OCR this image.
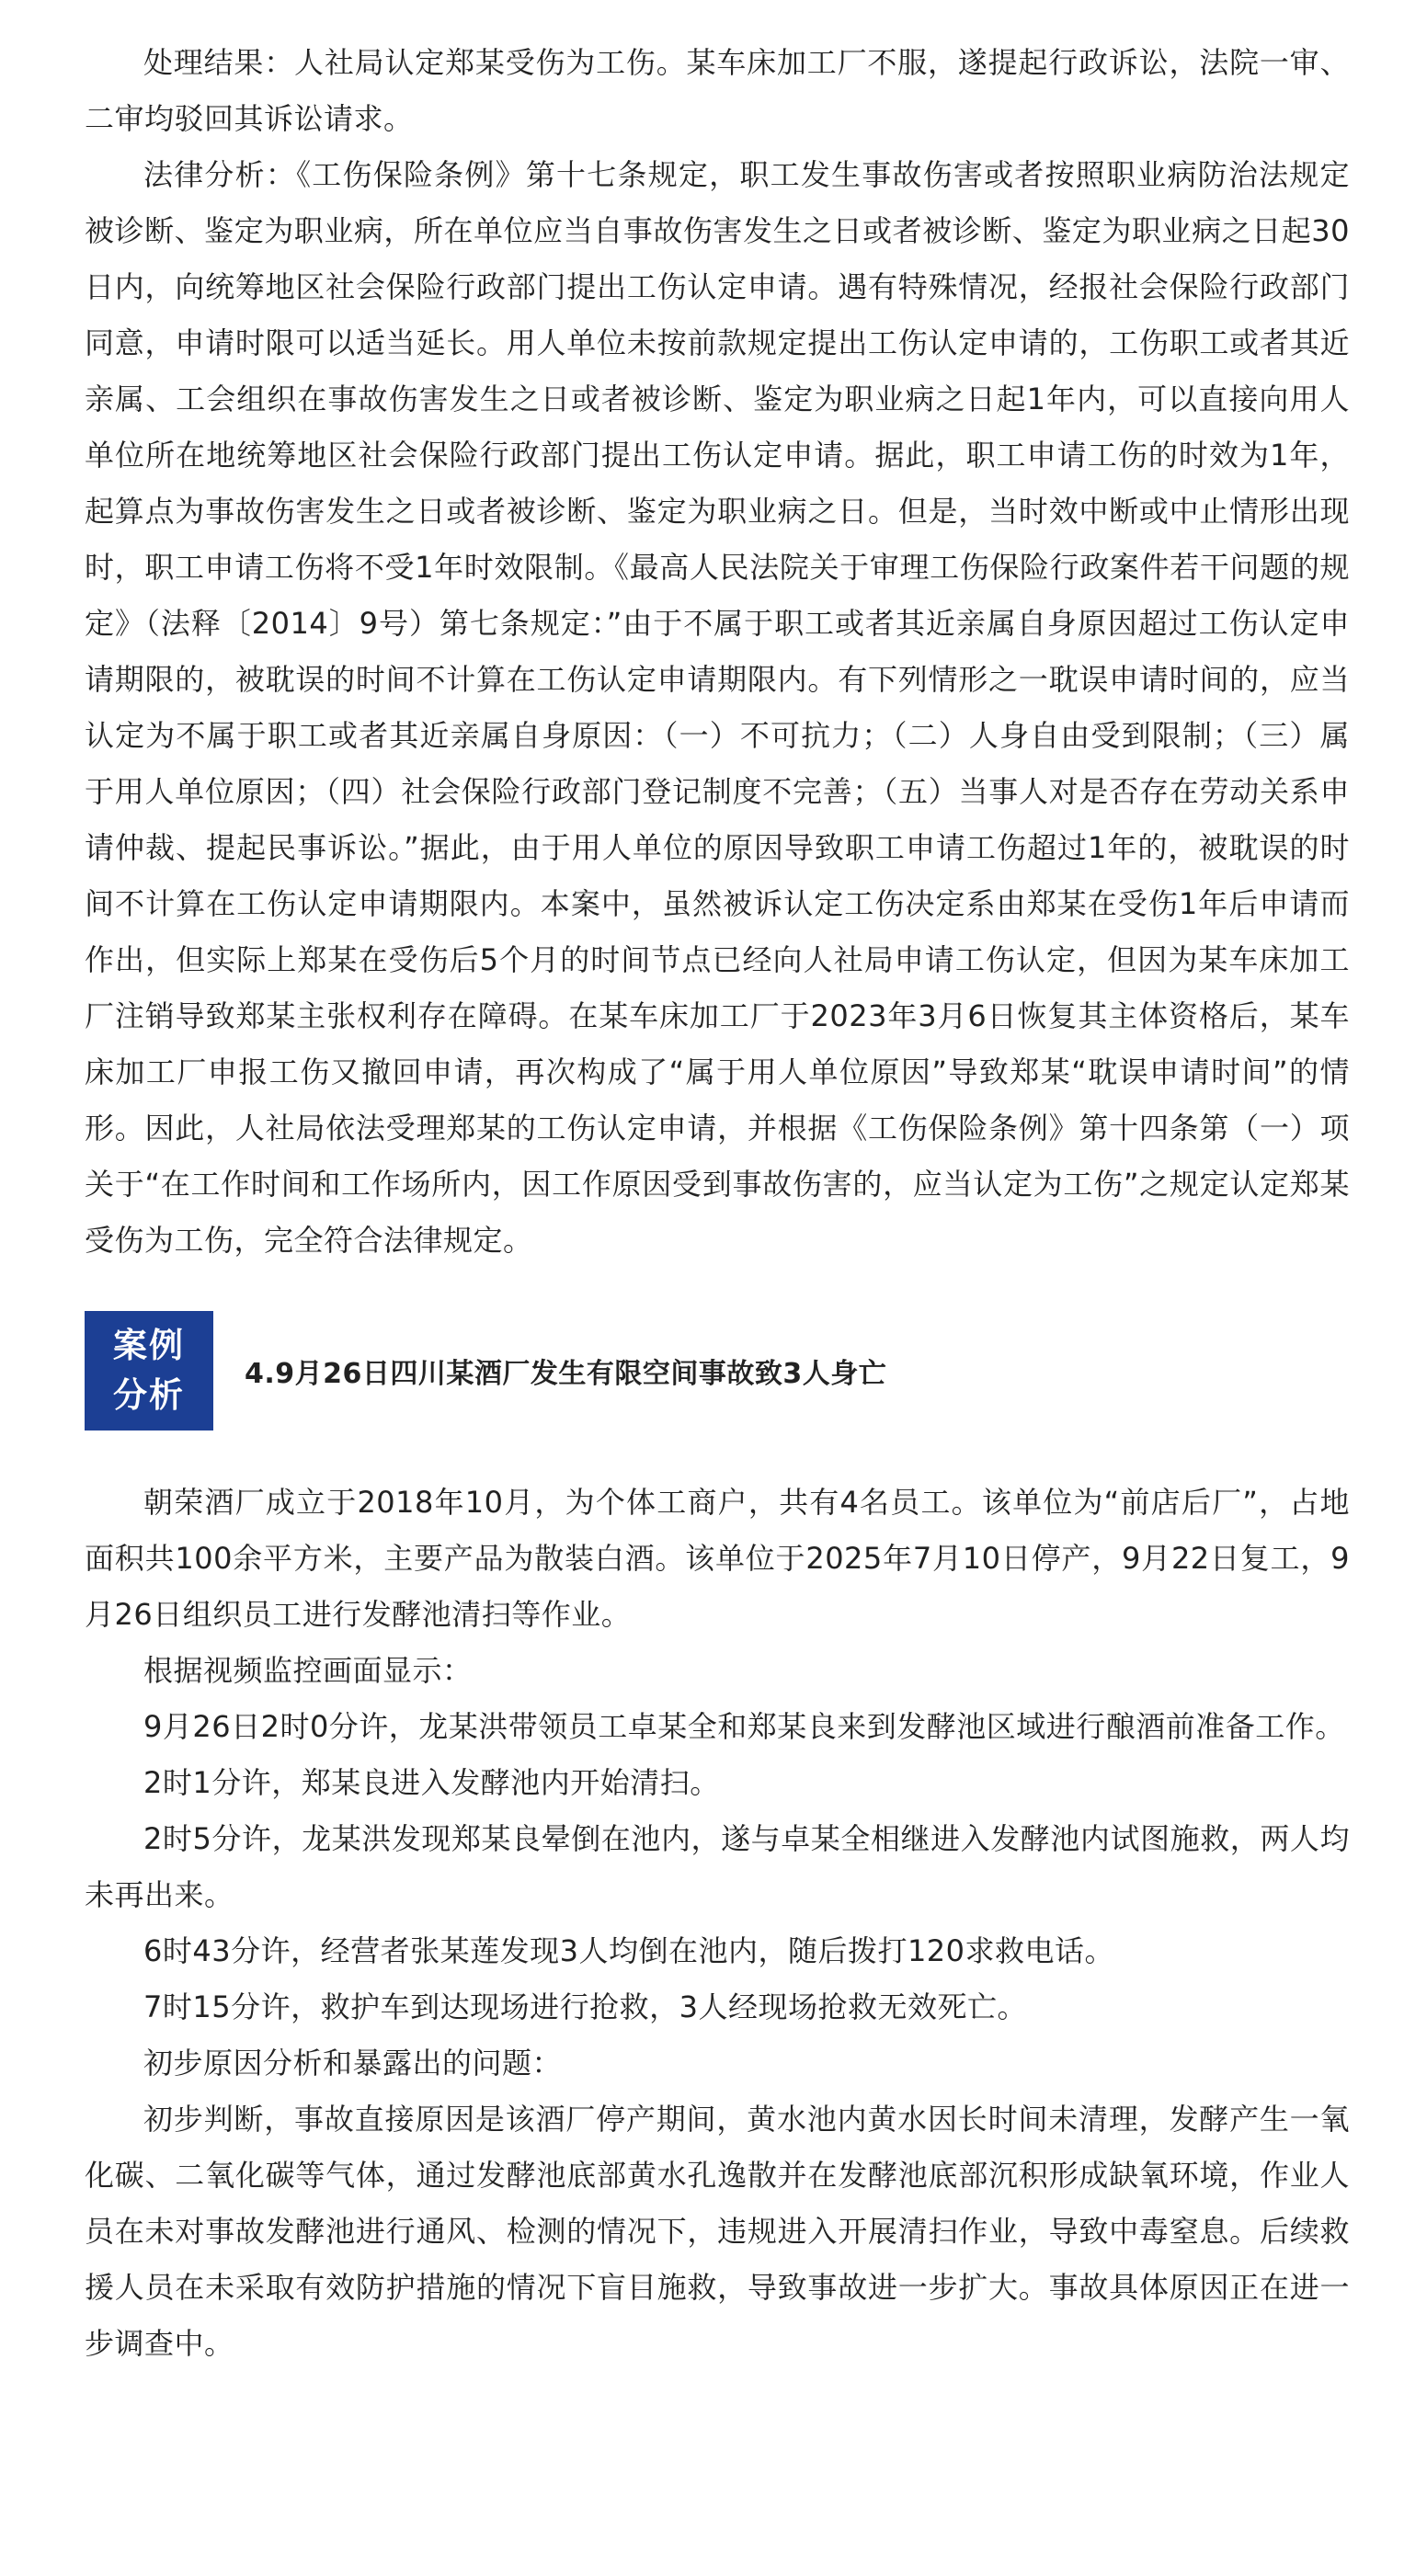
处理结果：人社局认定郑某受伤为工伤。某车床加工厂不服，遂提起行政诉讼，法院一审、二审均驳回其诉讼请求。

法律分析：《工伤保险条例》第十七条规定，职工发生事故伤害或者按照职业病防治法规定被诊断、鉴定为职业病，所在单位应当自事故伤害发生之日或者被诊断、鉴定为职业病之日起30日内，向统筹地区社会保险行政部门提出工伤认定申请。遇有特殊情况，经报社会保险行政部门同意，申请时限可以适当延长。用人单位未按前款规定提出工伤认定申请的，工伤职工或者其近亲属、工会组织在事故伤害发生之日或者被诊断、鉴定为职业病之日起1年内，可以直接向用人单位所在地统筹地区社会保险行政部门提出工伤认定申请。据此，职工申请工伤的时效为1年，起算点为事故伤害发生之日或者被诊断、鉴定为职业病之日。但是，当时效中断或中止情形出现时，职工申请工伤将不受1年时效限制。《最高人民法院关于审理工伤保险行政案件若干问题的规定》（法释〔2014〕9号）第七条规定：”由于不属于职工或者其近亲属自身原因超过工伤认定申请期限的，被耽误的时间不计算在工伤认定申请期限内。有下列情形之一耽误申请时间的，应当认定为不属于职工或者其近亲属自身原因：（一）不可抗力；（二）人身自由受到限制；（三）属于用人单位原因；（四）社会保险行政部门登记制度不完善；（五）当事人对是否存在劳动关系申请仲裁、提起民事诉讼。”据此，由于用人单位的原因导致职工申请工伤超过1年的，被耽误的时间不计算在工伤认定申请期限内。本案中，虽然被诉认定工伤决定系由郑某在受伤1年后申请而作出，但实际上郑某在受伤后5个月的时间节点已经向人社局申请工伤认定，但因为某车床加工厂注销导致郑某主张权利存在障碍。在某车床加工厂于2023年3月6日恢复其主体资格后，某车床加工厂申报工伤又撤回申请，再次构成了“属于用人单位原因”导致郑某“耽误申请时间”的情形。因此，人社局依法受理郑某的工伤认定申请，并根据《工伤保险条例》第十四条第（一）项关于“在工作时间和工作场所内，因工作原因受到事故伤害的，应当认定为工伤”之规定认定郑某受伤为工伤，完全符合法律规定。

案例
分析
4.9月26日四川某酒厂发生有限空间事故致3人身亡

朝荣酒厂成立于2018年10月，为个体工商户，共有4名员工。该单位为“前店后厂”，占地面积共100余平方米，主要产品为散装白酒。该单位于2025年7月10日停产，9月22日复工，9月26日组织员工进行发酵池清扫等作业。

根据视频监控画面显示：

9月26日2时0分许，龙某洪带领员工卓某全和郑某良来到发酵池区域进行酿酒前准备工作。

2时1分许，郑某良进入发酵池内开始清扫。

2时5分许，龙某洪发现郑某良晕倒在池内，遂与卓某全相继进入发酵池内试图施救，两人均未再出来。

6时43分许，经营者张某莲发现3人均倒在池内，随后拨打120求救电话。

7时15分许，救护车到达现场进行抢救，3人经现场抢救无效死亡。

初步原因分析和暴露出的问题：

初步判断，事故直接原因是该酒厂停产期间，黄水池内黄水因长时间未清理，发酵产生一氧化碳、二氧化碳等气体，通过发酵池底部黄水孔逸散并在发酵池底部沉积形成缺氧环境，作业人员在未对事故发酵池进行通风、检测的情况下，违规进入开展清扫作业，导致中毒窒息。后续救援人员在未采取有效防护措施的情况下盲目施救，导致事故进一步扩大。事故具体原因正在进一步调查中。
